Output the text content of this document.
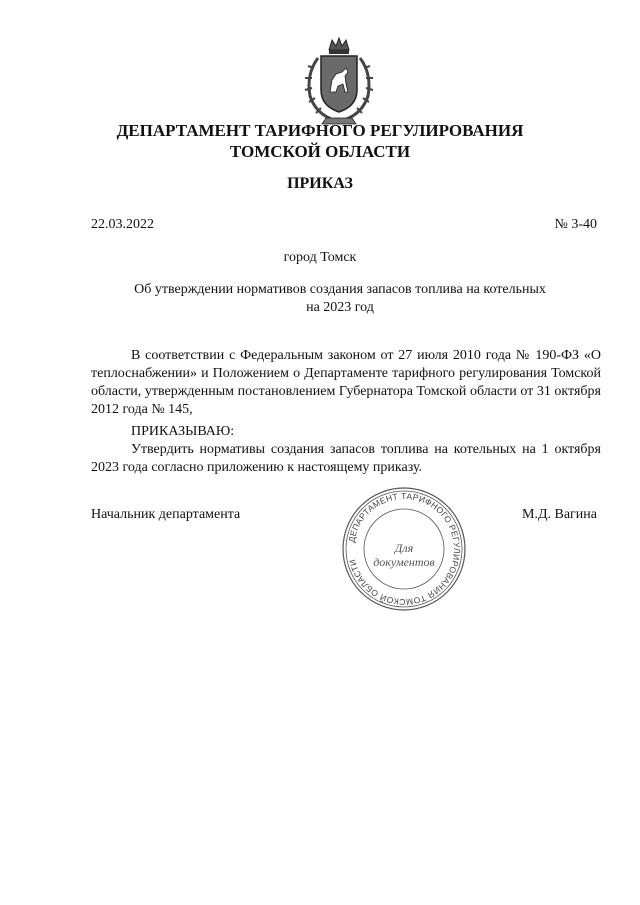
ДЕПАРТАМЕНТ ТАРИФНОГО РЕГУЛИРОВАНИЯ
ТОМСКОЙ ОБЛАСТИ
ПРИКАЗ
22.03.2022	№ 3-40
город Томск
Об утверждении нормативов создания запасов топлива на котельных
на 2023 год
В соответствии с Федеральным законом от 27 июля 2010 года № 190-ФЗ «О теплоснабжении» и Положением о Департаменте тарифного регулирования Томской области, утвержденным постановлением Губернатора Томской области от 31 октября 2012 года № 145,
ПРИКАЗЫВАЮ:
Утвердить нормативы создания запасов топлива на котельных на 1 октября 2023 года согласно приложению к настоящему приказу.
Начальник департамента	М.Д. Вагина
ДЕПАРТАМЕНТ ТАРИФНОГО РЕГУЛИРОВАНИЯ ТОМСКОЙ ОБЛАСТИ
Для
документов
